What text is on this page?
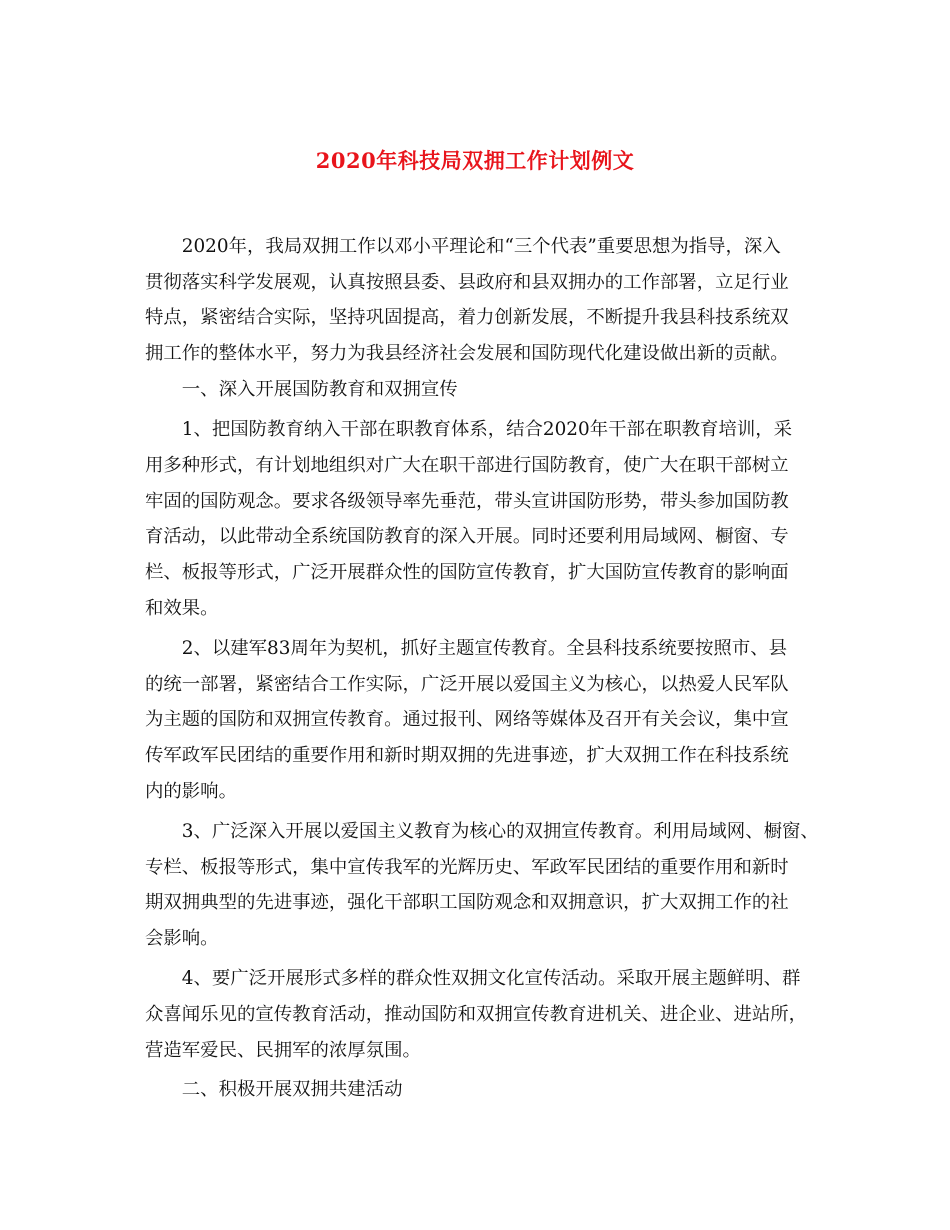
2020年科技局双拥工作计划例文
　　2020年，我局双拥工作以邓小平理论和“三个代表”重要思想为指导，深入
贯彻落实科学发展观，认真按照县委、县政府和县双拥办的工作部署，立足行业
特点，紧密结合实际，坚持巩固提高，着力创新发展，不断提升我县科技系统双
拥工作的整体水平，努力为我县经济社会发展和国防现代化建设做出新的贡献。
　　一、深入开展国防教育和双拥宣传
　　1、把国防教育纳入干部在职教育体系，结合2020年干部在职教育培训，采
用多种形式，有计划地组织对广大在职干部进行国防教育，使广大在职干部树立
牢固的国防观念。要求各级领导率先垂范，带头宣讲国防形势，带头参加国防教
育活动，以此带动全系统国防教育的深入开展。同时还要利用局域网、橱窗、专
栏、板报等形式，广泛开展群众性的国防宣传教育，扩大国防宣传教育的影响面
和效果。
　　2、以建军83周年为契机，抓好主题宣传教育。全县科技系统要按照市、县
的统一部署，紧密结合工作实际，广泛开展以爱国主义为核心，以热爱人民军队
为主题的国防和双拥宣传教育。通过报刊、网络等媒体及召开有关会议，集中宣
传军政军民团结的重要作用和新时期双拥的先进事迹，扩大双拥工作在科技系统
内的影响。
　　3、广泛深入开展以爱国主义教育为核心的双拥宣传教育。利用局域网、橱窗、
专栏、板报等形式，集中宣传我军的光辉历史、军政军民团结的重要作用和新时
期双拥典型的先进事迹，强化干部职工国防观念和双拥意识，扩大双拥工作的社
会影响。
　　4、要广泛开展形式多样的群众性双拥文化宣传活动。采取开展主题鲜明、群
众喜闻乐见的宣传教育活动，推动国防和双拥宣传教育进机关、进企业、进站所，
营造军爱民、民拥军的浓厚氛围。
　　二、积极开展双拥共建活动
